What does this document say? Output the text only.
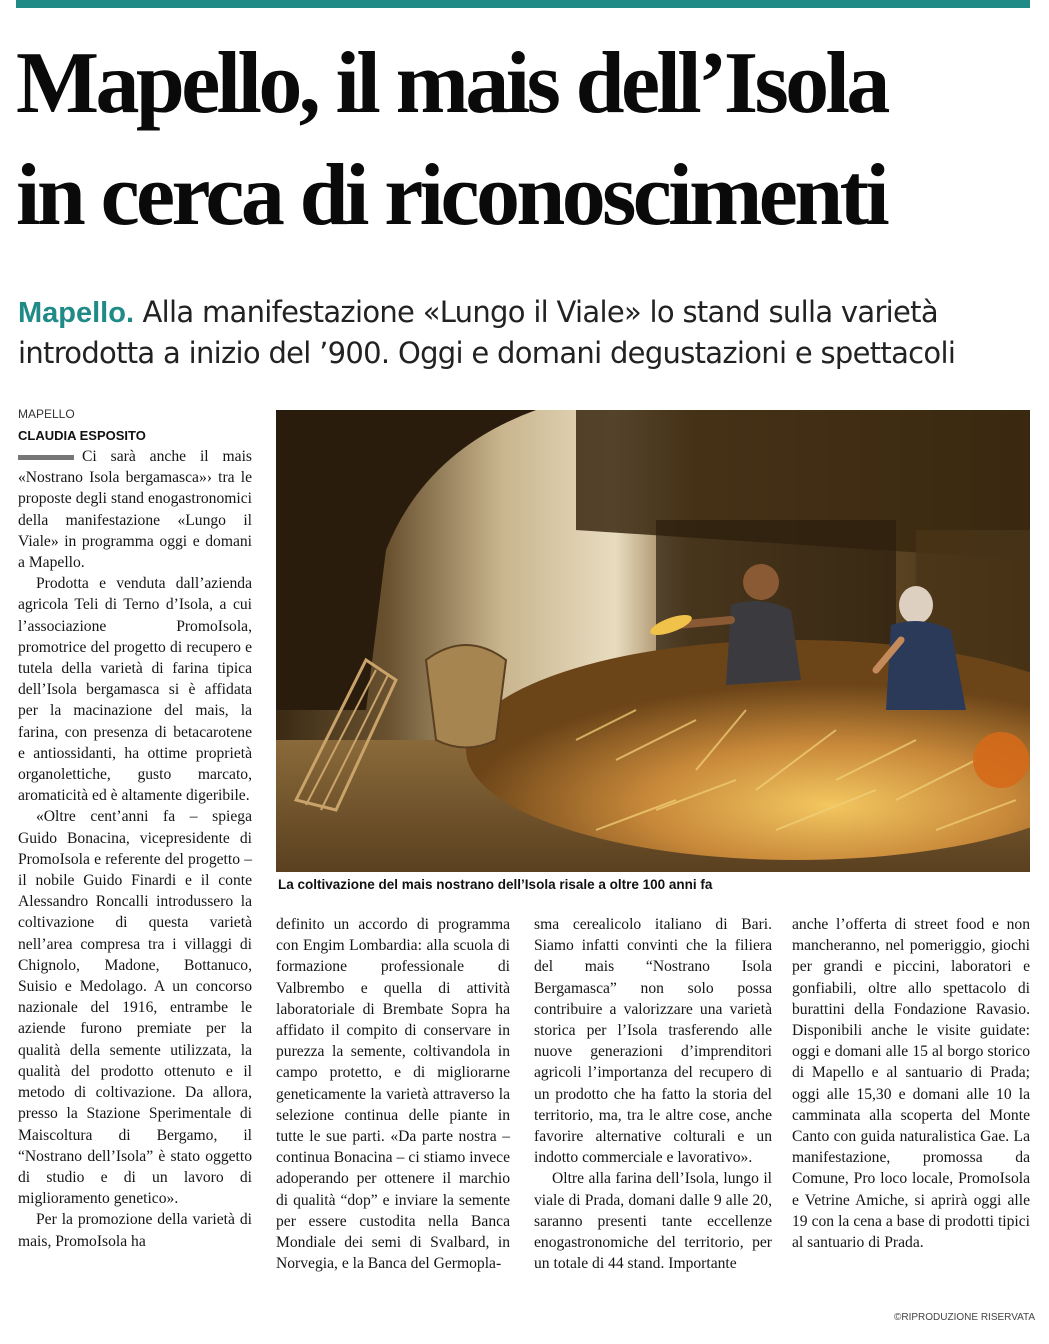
Mapello, il mais dell’Isola
in cerca di riconoscimenti
Mapello. Alla manifestazione «Lungo il Viale» lo stand sulla varietà
introdotta a inizio del ’900. Oggi e domani degustazioni e spettacoli
MAPELLO
CLAUDIA ESPOSITO

Ci sarà anche il mais «Nostrano Isola bergamasca»› tra le proposte degli stand enogastronomici della manifestazione «Lungo il Viale» in programma oggi e domani a Mapello.

Prodotta e venduta dall’azienda agricola Teli di Terno d’Isola, a cui l’associazione PromoIsola, promotrice del progetto di recupero e tutela della varietà di farina tipica dell’Isola bergamasca si è affidata per la macinazione del mais, la farina, con presenza di betacarotene e antiossidanti, ha ottime proprietà organolettiche, gusto marcato, aromaticità ed è altamente digeribile.

«Oltre cent’anni fa – spiega Guido Bonacina, vicepresidente di PromoIsola e referente del progetto – il nobile Guido Finardi e il conte Alessandro Roncalli introdussero la coltivazione di questa varietà nell’area compresa tra i villaggi di Chignolo, Madone, Bottanuco, Suisio e Medolago. A un concorso nazionale del 1916, entrambe le aziende furono premiate per la qualità della semente utilizzata, la qualità del prodotto ottenuto e il metodo di coltivazione. Da allora, presso la Stazione Sperimentale di Maiscoltura di Bergamo, il “Nostrano dell’Isola” è stato oggetto di studio e di un lavoro di miglioramento genetico».

Per la promozione della varietà di mais, PromoIsola ha

La coltivazione del mais nostrano dell’Isola risale a oltre 100 anni fa

definito un accordo di programma con Engim Lombardia: alla scuola di formazione professionale di Valbrembo e quella di attività laboratoriale di Brembate Sopra ha affidato il compito di conservare in purezza la semente, coltivandola in campo protetto, e di migliorarne geneticamente la varietà attraverso la selezione continua delle piante in tutte le sue parti. «Da parte nostra – continua Bonacina – ci stiamo invece adoperando per ottenere il marchio di qualità “dop” e inviare la semente per essere custodita nella Banca Mondiale dei semi di Svalbard, in Norvegia, e la Banca del Germopla-

sma cerealicolo italiano di Bari. Siamo infatti convinti che la filiera del mais “Nostrano Isola Bergamasca” non solo possa contribuire a valorizzare una varietà storica per l’Isola trasferendo alle nuove generazioni d’imprenditori agricoli l’importanza del recupero di un prodotto che ha fatto la storia del territorio, ma, tra le altre cose, anche favorire alternative colturali e un indotto commerciale e lavorativo».

Oltre alla farina dell’Isola, lungo il viale di Prada, domani dalle 9 alle 20, saranno presenti tante eccellenze enogastronomiche del territorio, per un totale di 44 stand. Importante

anche l’offerta di street food e non mancheranno, nel pomeriggio, giochi per grandi e piccini, laboratori e gonfiabili, oltre allo spettacolo di burattini della Fondazione Ravasio. Disponibili anche le visite guidate: oggi e domani alle 15 al borgo storico di Mapello e al santuario di Prada; oggi alle 15,30 e domani alle 10 la camminata alla scoperta del Monte Canto con guida naturalistica Gae. La manifestazione, promossa da Comune, Pro loco locale, PromoIsola e Vetrine Amiche, si aprirà oggi alle 19 con la cena a base di prodotti tipici al santuario di Prada.

©RIPRODUZIONE RISERVATA
